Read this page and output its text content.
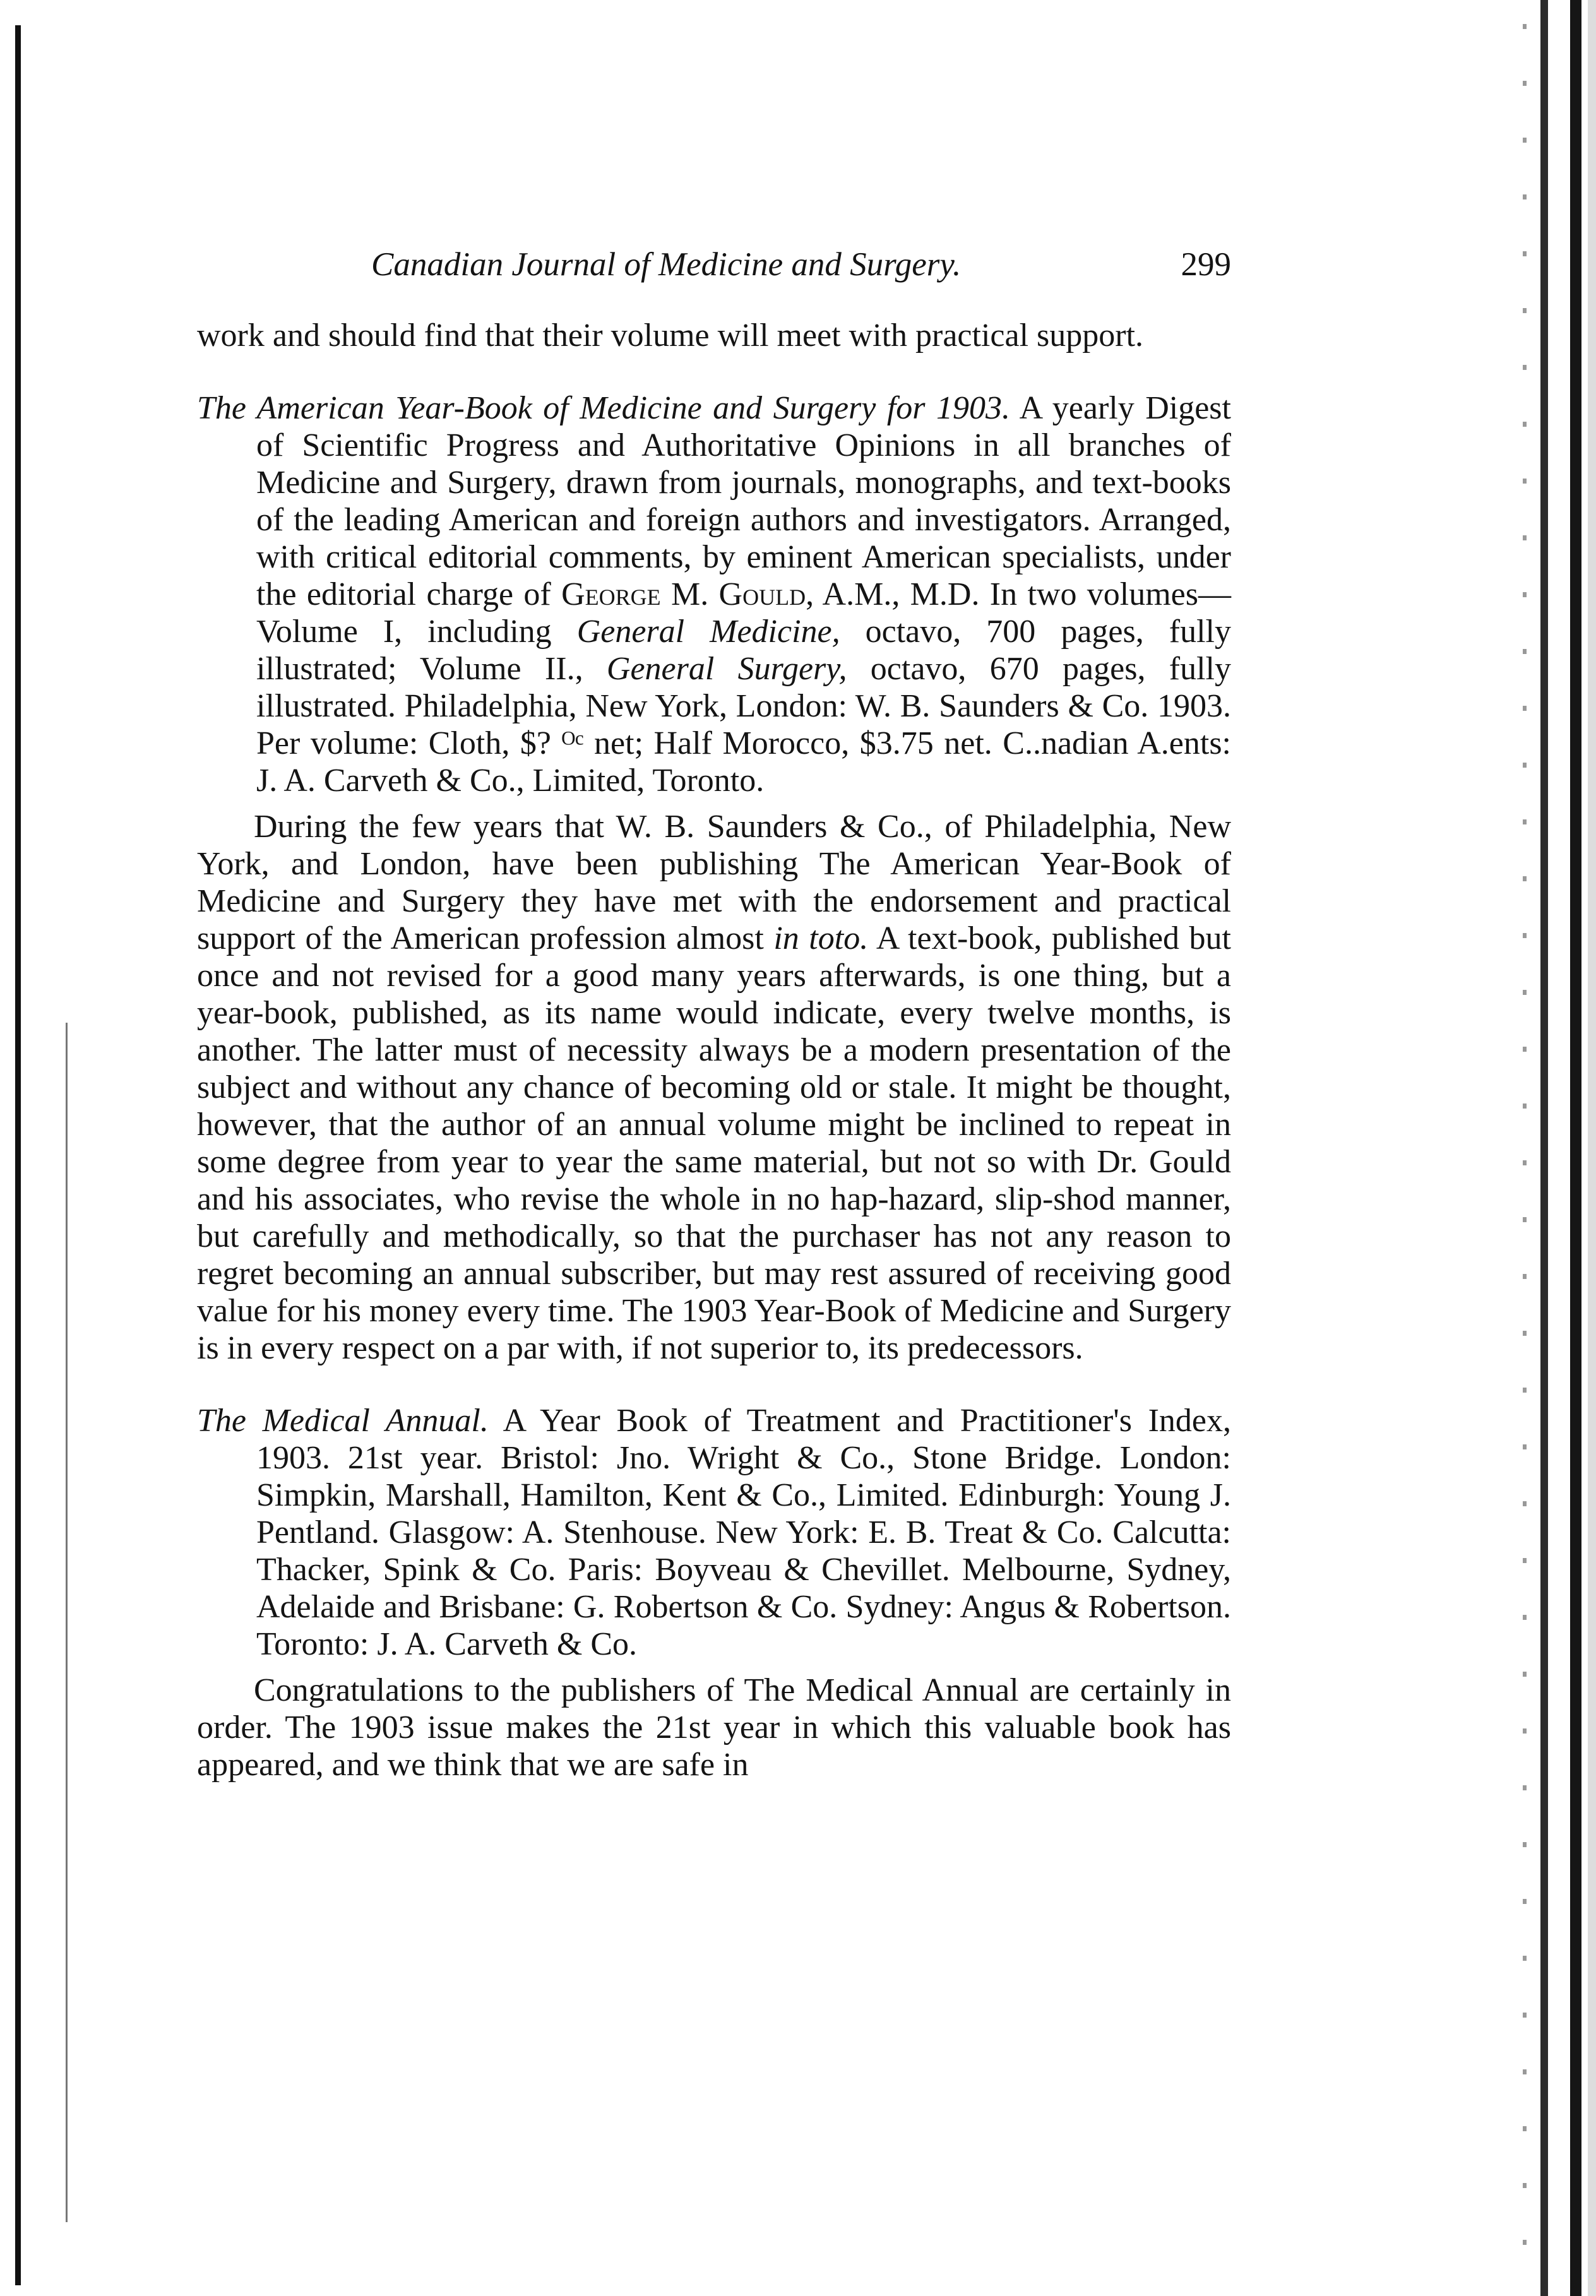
Canadian Journal of Medicine and Surgery.	299

work and should find that their volume will meet with practical support.

The American Year-Book of Medicine and Surgery for 1903. A yearly Digest of Scientific Progress and Authoritative Opinions in all branches of Medicine and Surgery, drawn from journals, monographs, and text-books of the leading American and foreign authors and investigators. Arranged, with critical editorial comments, by eminent American specialists, under the editorial charge of George M. Gould, A.M., M.D. In two volumes—Volume I, including General Medicine, octavo, 700 pages, fully illustrated; Volume II., General Surgery, octavo, 670 pages, fully illustrated. Philadelphia, New York, London: W. B. Saunders & Co. 1903. Per volume: Cloth, $? ᴼᶜ net; Half Morocco, $3.75 net. C..nadian A.ents: J. A. Carveth & Co., Limited, Toronto.

During the few years that W. B. Saunders & Co., of Philadelphia, New York, and London, have been publishing The American Year-Book of Medicine and Surgery they have met with the endorsement and practical support of the American profession almost in toto. A text-book, published but once and not revised for a good many years afterwards, is one thing, but a year-book, published, as its name would indicate, every twelve months, is another. The latter must of necessity always be a modern presentation of the subject and without any chance of becoming old or stale. It might be thought, however, that the author of an annual volume might be inclined to repeat in some degree from year to year the same material, but not so with Dr. Gould and his associates, who revise the whole in no hap-hazard, slip-shod manner, but carefully and methodically, so that the purchaser has not any reason to regret becoming an annual subscriber, but may rest assured of receiving good value for his money every time. The 1903 Year-Book of Medicine and Surgery is in every respect on a par with, if not superior to, its predecessors.

The Medical Annual. A Year Book of Treatment and Practitioner's Index, 1903. 21st year. Bristol: Jno. Wright & Co., Stone Bridge. London: Simpkin, Marshall, Hamilton, Kent & Co., Limited. Edinburgh: Young J. Pentland. Glasgow: A. Stenhouse. New York: E. B. Treat & Co. Calcutta: Thacker, Spink & Co. Paris: Boyveau & Chevillet. Melbourne, Sydney, Adelaide and Brisbane: G. Robertson & Co. Sydney: Angus & Robertson. Toronto: J. A. Carveth & Co.

Congratulations to the publishers of The Medical Annual are certainly in order. The 1903 issue makes the 21st year in which this valuable book has appeared, and we think that we are safe in
